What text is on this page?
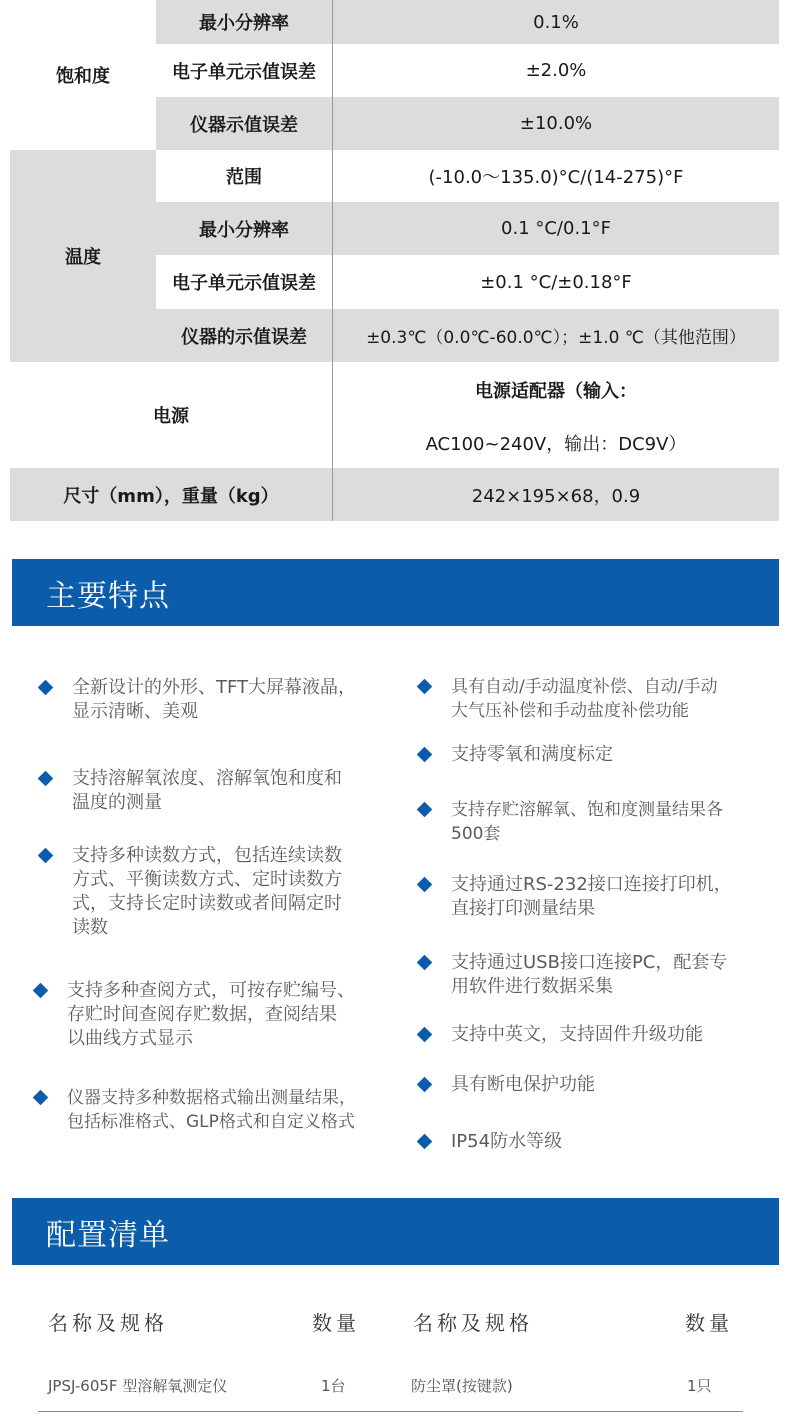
饱和度
最小分辨率	0.1%
电子单元示值误差	±2.0%
仪器示值误差	±10.0%
温度
范围	(-10.0～135.0)°C/(14-275)°F
最小分辨率	0.1 °C/0.1°F
电子单元示值误差	±0.1 °C/±0.18°F
仪器的示值误差	±0.3℃（0.0℃-60.0℃）；±1.0 ℃（其他范围）
电源
电源适配器（输入：
AC100~240V，输出：DC9V）
尺寸（mm），重量（kg）	242×195×68，0.9
主要特点
全新设计的外形、TFT大屏幕液晶，
显示清晰、美观
支持溶解氧浓度、溶解氧饱和度和
温度的测量
支持多种读数方式，包括连续读数
方式、平衡读数方式、定时读数方
式，支持长定时读数或者间隔定时
读数
支持多种查阅方式，可按存贮编号、
存贮时间查阅存贮数据，查阅结果
以曲线方式显示
仪器支持多种数据格式输出测量结果，
包括标准格式、GLP格式和自定义格式
具有自动/手动温度补偿、自动/手动
大气压补偿和手动盐度补偿功能
支持零氧和满度标定
支持存贮溶解氧、饱和度测量结果各
500套
支持通过RS-232接口连接打印机，
直接打印测量结果
支持通过USB接口连接PC，配套专
用软件进行数据采集
支持中英文，支持固件升级功能
具有断电保护功能
IP54防水等级
配置清单
名称及规格	数量	名称及规格	数量
JPSJ-605F 型溶解氧测定仪	1台	防尘罩(按键款)	1只
